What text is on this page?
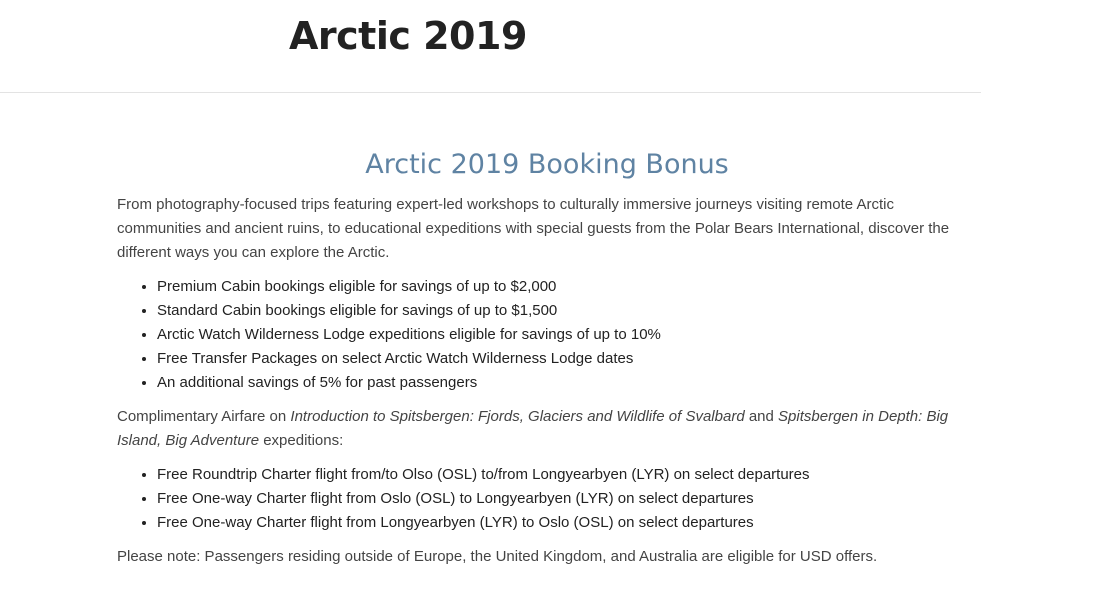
Arctic 2019
Arctic 2019 Booking Bonus

From photography-focused trips featuring expert-led workshops to culturally immersive journeys visiting remote Arctic communities and ancient ruins, to educational expeditions with special guests from the Polar Bears International, discover the different ways you can explore the Arctic.

• Premium Cabin bookings eligible for savings of up to $2,000
• Standard Cabin bookings eligible for savings of up to $1,500
• Arctic Watch Wilderness Lodge expeditions eligible for savings of up to 10%
• Free Transfer Packages on select Arctic Watch Wilderness Lodge dates
• An additional savings of 5% for past passengers

Complimentary Airfare on Introduction to Spitsbergen: Fjords, Glaciers and Wildlife of Svalbard and Spitsbergen in Depth: Big Island, Big Adventure expeditions:

• Free Roundtrip Charter flight from/to Olso (OSL) to/from Longyearbyen (LYR) on select departures
• Free One-way Charter flight from Oslo (OSL) to Longyearbyen (LYR) on select departures
• Free One-way Charter flight from Longyearbyen (LYR) to Oslo (OSL) on select departures

Please note: Passengers residing outside of Europe, the United Kingdom, and Australia are eligible for USD offers.
